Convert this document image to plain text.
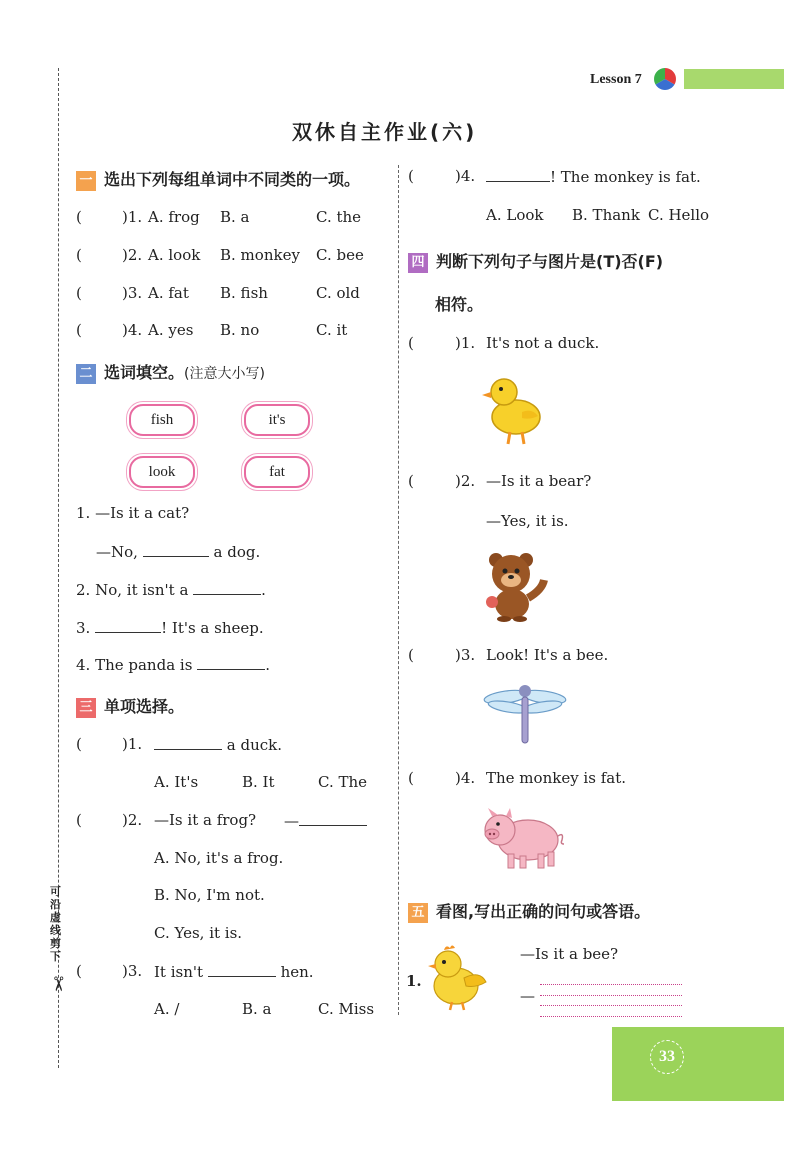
Lesson 7
可沿虚线剪下
✂
双休自主作业(六)
一 选出下列每组单词中不同类的一项。
(	)1. A. frog B. a	C. the
(	)2. A. look B. monkey C. bee
(	)3. A. fat B. fish	C. old
(	)4. A. yes B. no	C. it
二 选词填空。(注意大小写)
fish	it's
look	fat
1. —Is it a cat?
—No,	a dog.
2. No, it isn't a	.
3.	! It's a sheep.
4. The panda is	.
三 单项选择。
(	)1.	a duck.
A. It's	B. It	C. The
(	)2. —Is it a frog? —
A. No, it's a frog.
B. No, I'm not.
C. Yes, it is.
(	)3. It isn't	hen.
A. /	B. a	C. Miss
(	)4.	! The monkey is fat.
A. Look B. Thank C. Hello
四 判断下列句子与图片是(T)否(F)
相符。
(	)1. It's not a duck.
(	)2. —Is it a bear?
—Yes, it is.
(	)3. Look! It's a bee.
(	)4. The monkey is fat.
五 看图,写出正确的问句或答语。
1.
—Is it a bee?
—
33
